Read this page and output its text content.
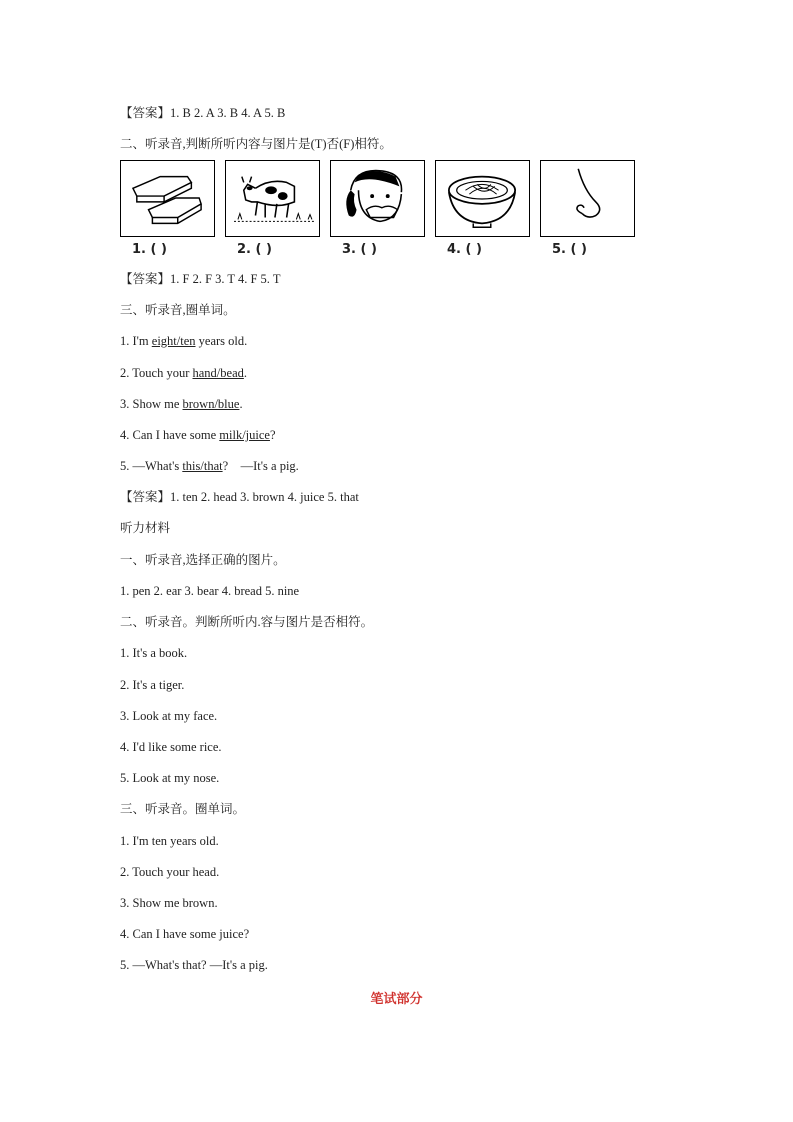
【答案】1. B 2. A 3. B 4. A 5. B
二、听录音,判断所听内容与图片是(T)否(F)相符。
1. ( )	2. ( )	3. ( )	4. ( )	5. ( )
【答案】1. F 2. F 3. T 4. F 5. T
三、听录音,圈单词。
1. I'm eight/ten years old.
2. Touch your hand/bead.
3. Show me brown/blue.
4. Can I have some milk/juice?
5. —What's this/that?    —It's a pig.
【答案】1. ten 2. head 3. brown 4. juice 5. that
听力材料
一、听录音,选择正确的图片。
1. pen 2. ear 3. bear 4. bread 5. nine
二、听录音。判断所听内.容与图片是否相符。
1. It's a book.
2. It's a tiger.
3. Look at my face.
4. I'd like some rice.
5. Look at my nose.
三、听录音。圈单词。
1. I'm ten years old.
2. Touch your head.
3. Show me brown.
4. Can I have some juice?
5. —What's that? —It's a pig.
笔试部分
